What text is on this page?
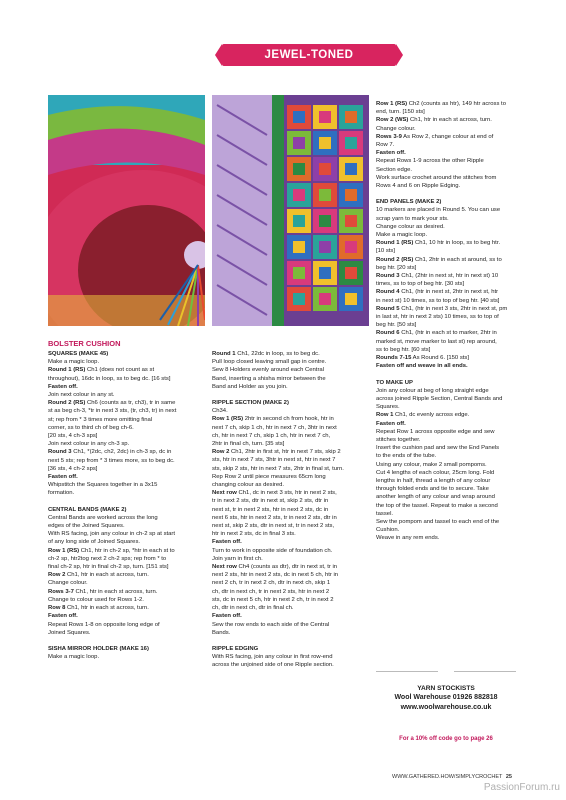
JEWEL-TONED ACCESSORIES
BOLSTER CUSHION

SQUARES (MAKE 45)

Make a magic loop.

Round 1 (RS) Ch1 (does not count as st

throughout), 16dc in loop, ss to beg dc. [16 sts]

Fasten off.

Join next colour in any st.

Round 2 (RS) Ch6 (counts as tr, ch3), tr in same

st as beg ch-3, *tr in next 3 sts, (tr, ch3, tr) in next

st; rep from * 3 times more omitting final

corner, ss to third ch of beg ch-6.

[20 sts, 4 ch-3 sps]

Join next colour in any ch-3 sp.

Round 3 Ch1, *(2dc, ch2, 2dc) in ch-3 sp, dc in

next 5 sts; rep from * 3 times more, ss to beg dc.

[36 sts, 4 ch-2 sps]

Fasten off.

Whipstitch the Squares together in a 3x15

formation.

CENTRAL BANDS (MAKE 2)

Central Bands are worked across the long

edges of the Joined Squares.

With RS facing, join any colour in ch-2 sp at start

of any long side of Joined Squares.

Row 1 (RS) Ch1, htr in ch-2 sp, *htr in each st to

ch-2 sp, htr2tog next 2 ch-2 sps; rep from * to

final ch-2 sp, htr in final ch-2 sp, turn. [151 sts]

Row 2 Ch1, htr in each st across, turn.

Change colour.

Rows 3-7 Ch1, htr in each st across, turn.

Change to colour used for Rows 1-2.

Row 8 Ch1, htr in each st across, turn.

Fasten off.

Repeat Rows 1-8 on opposite long edge of

Joined Squares.

SISHA MIRROR HOLDER (MAKE 16)

Make a magic loop.

Round 1 Ch1, 22dc in loop, ss to beg dc.

Pull loop closed leaving small gap in centre.

Sew 8 Holders evenly around each Central

Band, inserting a shisha mirror between the

Band and Holder as you join.

RIPPLE SECTION (MAKE 2)

Ch34.

Row 1 (RS) 2htr in second ch from hook, htr in

next 7 ch, skip 1 ch, htr in next 7 ch, 3htr in next

ch, htr in next 7 ch, skip 1 ch, htr in next 7 ch,

2htr in final ch, turn. [35 sts]

Row 2 Ch1, 2htr in first st, htr in next 7 sts, skip 2

sts, htr in next 7 sts, 3htr in next st, htr in next 7

sts, skip 2 sts, htr in next 7 sts, 2htr in final st, turn.

Rep Row 2 until piece measures 65cm long

changing colour as desired.

Next row Ch1, dc in next 3 sts, htr in next 2 sts,

tr in next 2 sts, dtr in next st, skip 2 sts, dtr in

next st, tr in next 2 sts, htr in next 2 sts, dc in

next 6 sts, htr in next 2 sts, tr in next 2 sts, dtr in

next st, skip 2 sts, dtr in next st, tr in next 2 sts,

htr in next 2 sts, dc in final 3 sts.

Fasten off.

Turn to work in opposite side of foundation ch.

Join yarn in first ch.

Next row Ch4 (counts as dtr), dtr in next st, tr in

next 2 sts, htr in next 2 sts, dc in next 5 ch, htr in

next 2 ch, tr in next 2 ch, dtr in next ch, skip 1

ch, dtr in next ch, tr in next 2 sts, htr in next 2

sts, dc in next 5 ch, htr in next 2 ch, tr in next 2

ch, dtr in next ch, dtr in final ch.

Fasten off.

Sew the row ends to each side of the Central

Bands.

RIPPLE EDGING

With RS facing, join any colour in first row-end

across the unjoined side of one Ripple section.

Row 1 (RS) Ch2 (counts as htr), 149 htr across to

end, turn. [150 sts]

Row 2 (WS) Ch1, htr in each st across, turn.

Change colour.

Rows 3-9 As Row 2, change colour at end of

Row 7.

Fasten off.

Repeat Rows 1-9 across the other Ripple

Section edge.

Work surface crochet around the stitches from

Rows 4 and 6 on Ripple Edging.

END PANELS (MAKE 2)

10 markers are placed in Round 5. You can use

scrap yarn to mark your sts.

Change colour as desired.

Make a magic loop.

Round 1 (RS) Ch1, 10 htr in loop, ss to beg htr.

[10 sts]

Round 2 (RS) Ch1, 2htr in each st around, ss to

beg htr. [20 sts]

Round 3 Ch1, (2htr in next st, htr in next st) 10

times, ss to top of beg htr. [30 sts]

Round 4 Ch1, (htr in next st, 2htr in next st, htr

in next st) 10 times, ss to top of beg htr. [40 sts]

Round 5 Ch1, (htr in next 3 sts, 2htr in next st, pm

in last st, htr in next 2 sts) 10 times, ss to top of

beg htr. [50 sts]

Round 6 Ch1, (htr in each st to marker, 2htr in

marked st, move marker to last st) rep around,

ss to beg htr. [60 sts]

Rounds 7-15 As Round 6. [150 sts]

Fasten off and weave in all ends.

TO MAKE UP

Join any colour at beg of long straight edge

across joined Ripple Section, Central Bands and

Squares.

Row 1 Ch1, dc evenly across edge.

Fasten off.

Repeat Row 1 across opposite edge and sew

stitches together.

Insert the cushion pad and sew the End Panels

to the ends of the tube.

Using any colour, make 2 small pompoms.

Cut 4 lengths of each colour, 25cm long. Fold

lengths in half, thread a length of any colour

through folded ends and tie to secure. Take

another length of any colour and wrap around

the top of the tassel. Repeat to make a second

tassel.

Sew the pompom and tassel to each end of the

Cushion.

Weave in any rem ends.

YARN STOCKISTS
Wool Warehouse 01926 882818
www.woolwarehouse.co.uk
For a 10% off code go to page 26
WWW.GATHERED.HOW/SIMPLYCROCHET 25
PassionForum.ru
